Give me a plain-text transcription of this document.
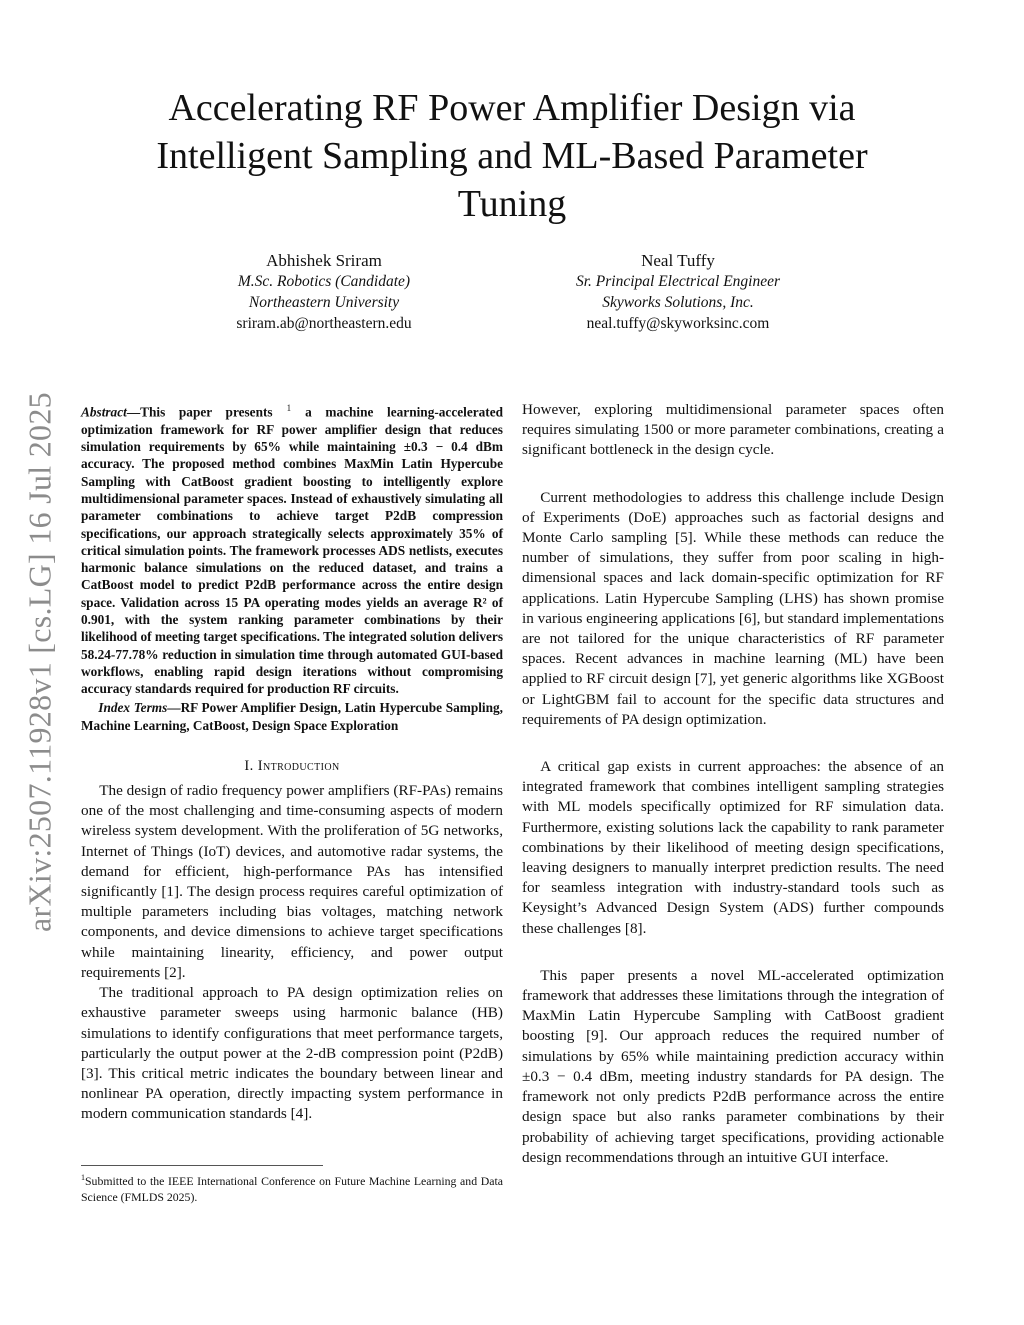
arXiv:2507.11928v1 [cs.LG] 16 Jul 2025
Accelerating RF Power Amplifier Design via Intelligent Sampling and ML-Based Parameter Tuning
Abhishek Sriram
M.Sc. Robotics (Candidate)
Northeastern University
sriram.ab@northeastern.edu
Neal Tuffy
Sr. Principal Electrical Engineer
Skyworks Solutions, Inc.
neal.tuffy@skyworksinc.com

Abstract—This paper presents $^1$ a machine learning-accelerated optimization framework for RF power amplifier design that reduces simulation requirements by 65% while maintaining ±0.3 − 0.4 dBm accuracy. The proposed method combines MaxMin Latin Hypercube Sampling with CatBoost gradient boosting to intelligently explore multidimensional parameter spaces. Instead of exhaustively simulating all parameter combinations to achieve target P2dB compression specifications, our approach strategically selects approximately 35% of critical simulation points. The framework processes ADS netlists, executes harmonic balance simulations on the reduced dataset, and trains a CatBoost model to predict P2dB performance across the entire design space. Validation across 15 PA operating modes yields an average R² of 0.901, with the system ranking parameter combinations by their likelihood of meeting target specifications. The integrated solution delivers 58.24-77.78% reduction in simulation time through automated GUI-based workflows, enabling rapid design iterations without compromising accuracy standards required for production RF circuits.

Index Terms—RF Power Amplifier Design, Latin Hypercube Sampling, Machine Learning, CatBoost, Design Space Exploration

I. Introduction

The design of radio frequency power amplifiers (RF-PAs) remains one of the most challenging and time-consuming aspects of modern wireless system development. With the proliferation of 5G networks, Internet of Things (IoT) devices, and automotive radar systems, the demand for efficient, high-performance PAs has intensified significantly [1]. The design process requires careful optimization of multiple parameters including bias voltages, matching network components, and device dimensions to achieve target specifications while maintaining linearity, efficiency, and power output requirements [2].

The traditional approach to PA design optimization relies on exhaustive parameter sweeps using harmonic balance (HB) simulations to identify configurations that meet performance targets, particularly the output power at the 2-dB compression point (P2dB) [3]. This critical metric indicates the boundary between linear and nonlinear PA operation, directly impacting system performance in modern communication standards [4].

However, exploring multidimensional parameter spaces often requires simulating 1500 or more parameter combinations, creating a significant bottleneck in the design cycle.

Current methodologies to address this challenge include Design of Experiments (DoE) approaches such as factorial designs and Monte Carlo sampling [5]. While these methods can reduce the number of simulations, they suffer from poor scaling in high-dimensional spaces and lack domain-specific optimization for RF applications. Latin Hypercube Sampling (LHS) has shown promise in various engineering applications [6], but standard implementations are not tailored for the unique characteristics of RF parameter spaces. Recent advances in machine learning (ML) have been applied to RF circuit design [7], yet generic algorithms like XGBoost or LightGBM fail to account for the specific data structures and requirements of PA design optimization.

A critical gap exists in current approaches: the absence of an integrated framework that combines intelligent sampling strategies with ML models specifically optimized for RF simulation data. Furthermore, existing solutions lack the capability to rank parameter combinations by their likelihood of meeting design specifications, leaving designers to manually interpret prediction results. The need for seamless integration with industry-standard tools such as Keysight’s Advanced Design System (ADS) further compounds these challenges [8].

This paper presents a novel ML-accelerated optimization framework that addresses these limitations through the integration of MaxMin Latin Hypercube Sampling with CatBoost gradient boosting [9]. Our approach reduces the required number of simulations by 65% while maintaining prediction accuracy within ±0.3 − 0.4 dBm, meeting industry standards for PA design. The framework not only predicts P2dB performance across the entire design space but also ranks parameter combinations by their probability of achieving target specifications, providing actionable design recommendations through an intuitive GUI interface.

$^1$Submitted to the IEEE International Conference on Future Machine Learning and Data Science (FMLDS 2025).
